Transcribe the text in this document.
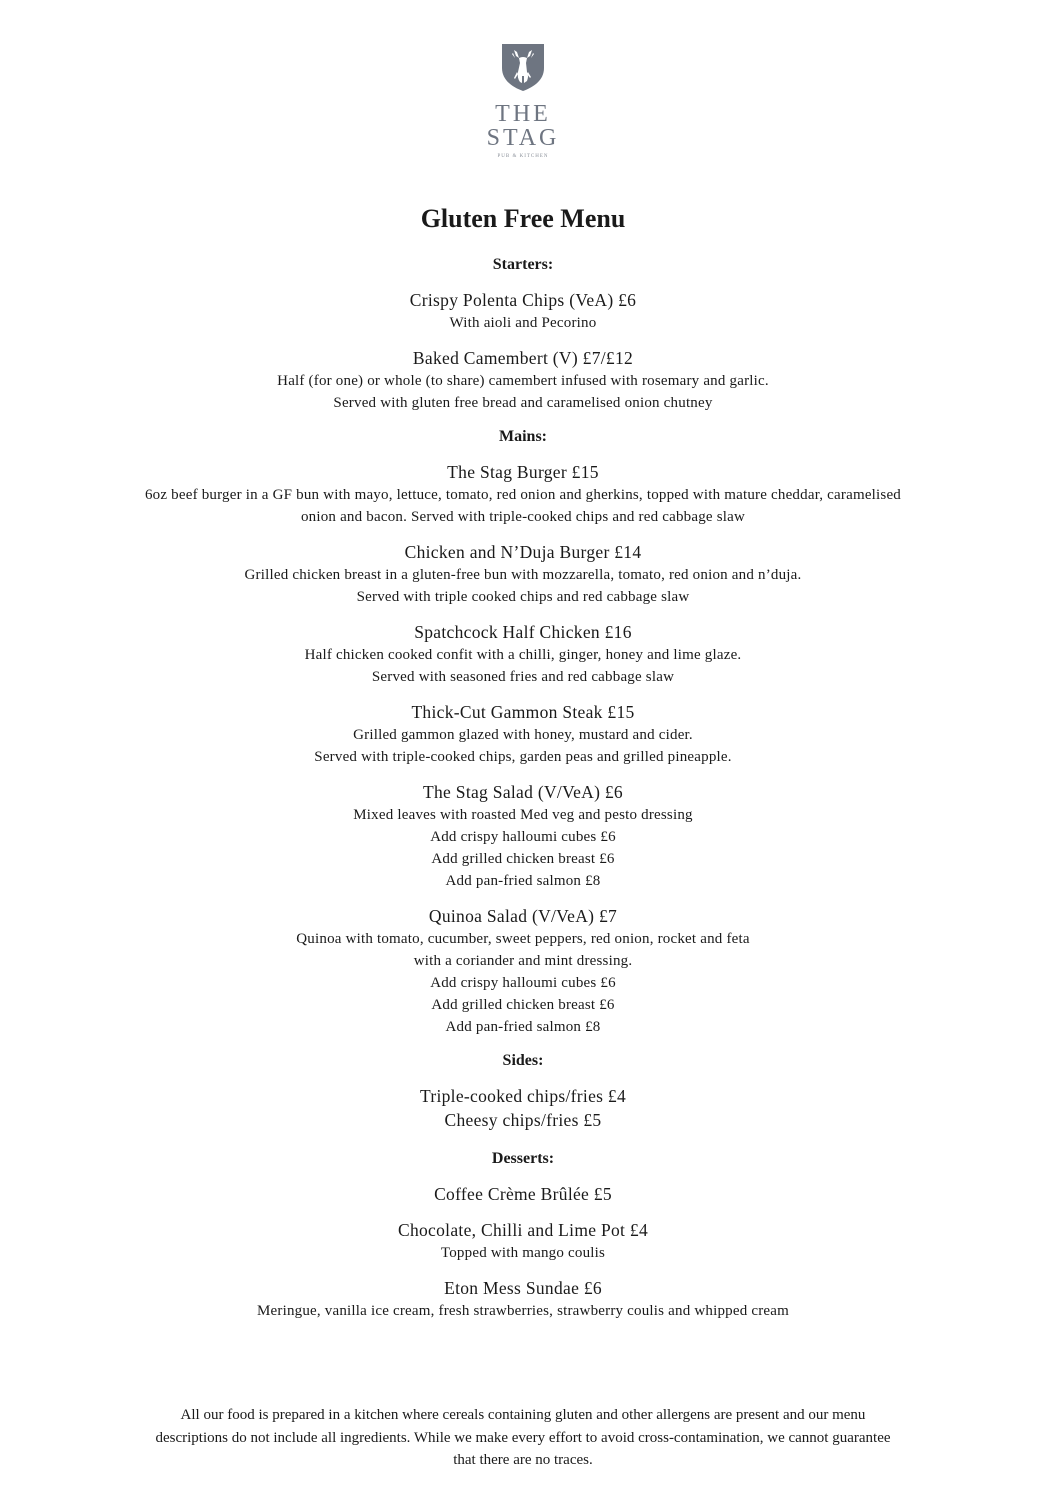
THE
STAG
PUB & KITCHEN
Gluten Free Menu
Starters:
Crispy Polenta Chips (VeA) £6
With aioli and Pecorino
Baked Camembert (V) £7/£12
Half (for one) or whole (to share) camembert infused with rosemary and garlic.
Served with gluten free bread and caramelised onion chutney
Mains:
The Stag Burger £15
6oz beef burger in a GF bun with mayo, lettuce, tomato, red onion and gherkins, topped with mature cheddar, caramelised
onion and bacon. Served with triple-cooked chips and red cabbage slaw
Chicken and N’Duja Burger £14
Grilled chicken breast in a gluten-free bun with mozzarella, tomato, red onion and n’duja.
Served with triple cooked chips and red cabbage slaw
Spatchcock Half Chicken £16
Half chicken cooked confit with a chilli, ginger, honey and lime glaze.
Served with seasoned fries and red cabbage slaw
Thick-Cut Gammon Steak £15
Grilled gammon glazed with honey, mustard and cider.
Served with triple-cooked chips, garden peas and grilled pineapple.
The Stag Salad (V/VeA) £6
Mixed leaves with roasted Med veg and pesto dressing
Add crispy halloumi cubes £6
Add grilled chicken breast £6
Add pan-fried salmon £8
Quinoa Salad (V/VeA) £7
Quinoa with tomato, cucumber, sweet peppers, red onion, rocket and feta
with a coriander and mint dressing.
Add crispy halloumi cubes £6
Add grilled chicken breast £6
Add pan-fried salmon £8
Sides:
Triple-cooked chips/fries £4
Cheesy chips/fries £5
Desserts:
Coffee Crème Brûlée £5
Chocolate, Chilli and Lime Pot £4
Topped with mango coulis
Eton Mess Sundae £6
Meringue, vanilla ice cream, fresh strawberries, strawberry coulis and whipped cream
All our food is prepared in a kitchen where cereals containing gluten and other allergens are present and our menu
descriptions do not include all ingredients. While we make every effort to avoid cross-contamination, we cannot guarantee
that there are no traces.
